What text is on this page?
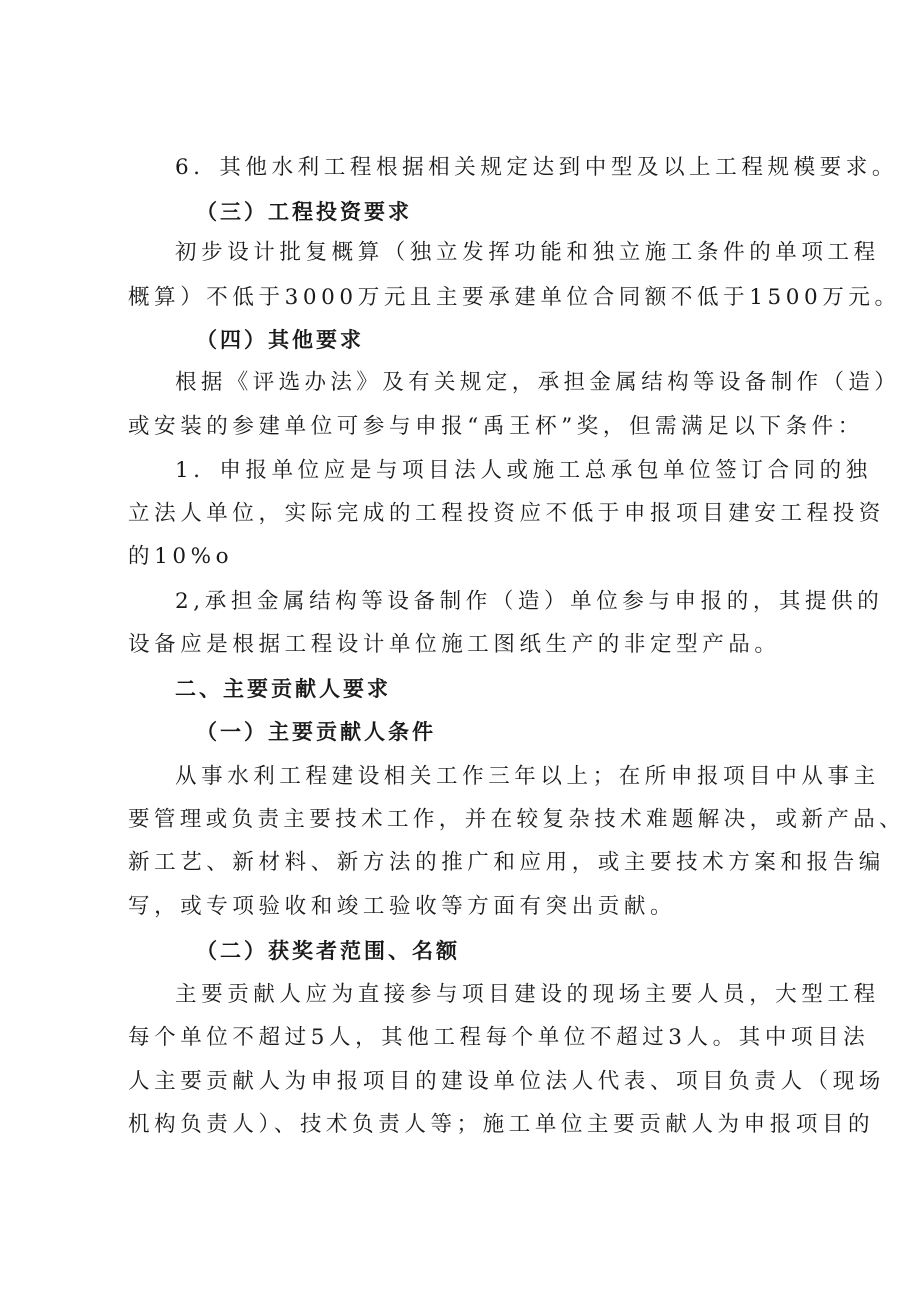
6．其他水利工程根据相关规定达到中型及以上工程规模要求。
（三）工程投资要求
初步设计批复概算（独立发挥功能和独立施工条件的单项工程
概算）不低于3000万元且主要承建单位合同额不低于1500万元。
（四）其他要求
根据《评选办法》及有关规定，承担金属结构等设备制作（造）
或安装的参建单位可参与申报“禹王杯”奖，但需满足以下条件：
1．申报单位应是与项目法人或施工总承包单位签订合同的独
立法人单位，实际完成的工程投资应不低于申报项目建安工程投资
的10%o
2,承担金属结构等设备制作（造）单位参与申报的，其提供的
设备应是根据工程设计单位施工图纸生产的非定型产品。
二、主要贡献人要求
（一）主要贡献人条件
从事水利工程建设相关工作三年以上；在所申报项目中从事主
要管理或负责主要技术工作，并在较复杂技术难题解决，或新产品、
新工艺、新材料、新方法的推广和应用，或主要技术方案和报告编
写，或专项验收和竣工验收等方面有突出贡献。
（二）获奖者范围、名额
主要贡献人应为直接参与项目建设的现场主要人员，大型工程
每个单位不超过5人，其他工程每个单位不超过3人。其中项目法
人主要贡献人为申报项目的建设单位法人代表、项目负责人（现场
机构负责人）、技术负责人等；施工单位主要贡献人为申报项目的
